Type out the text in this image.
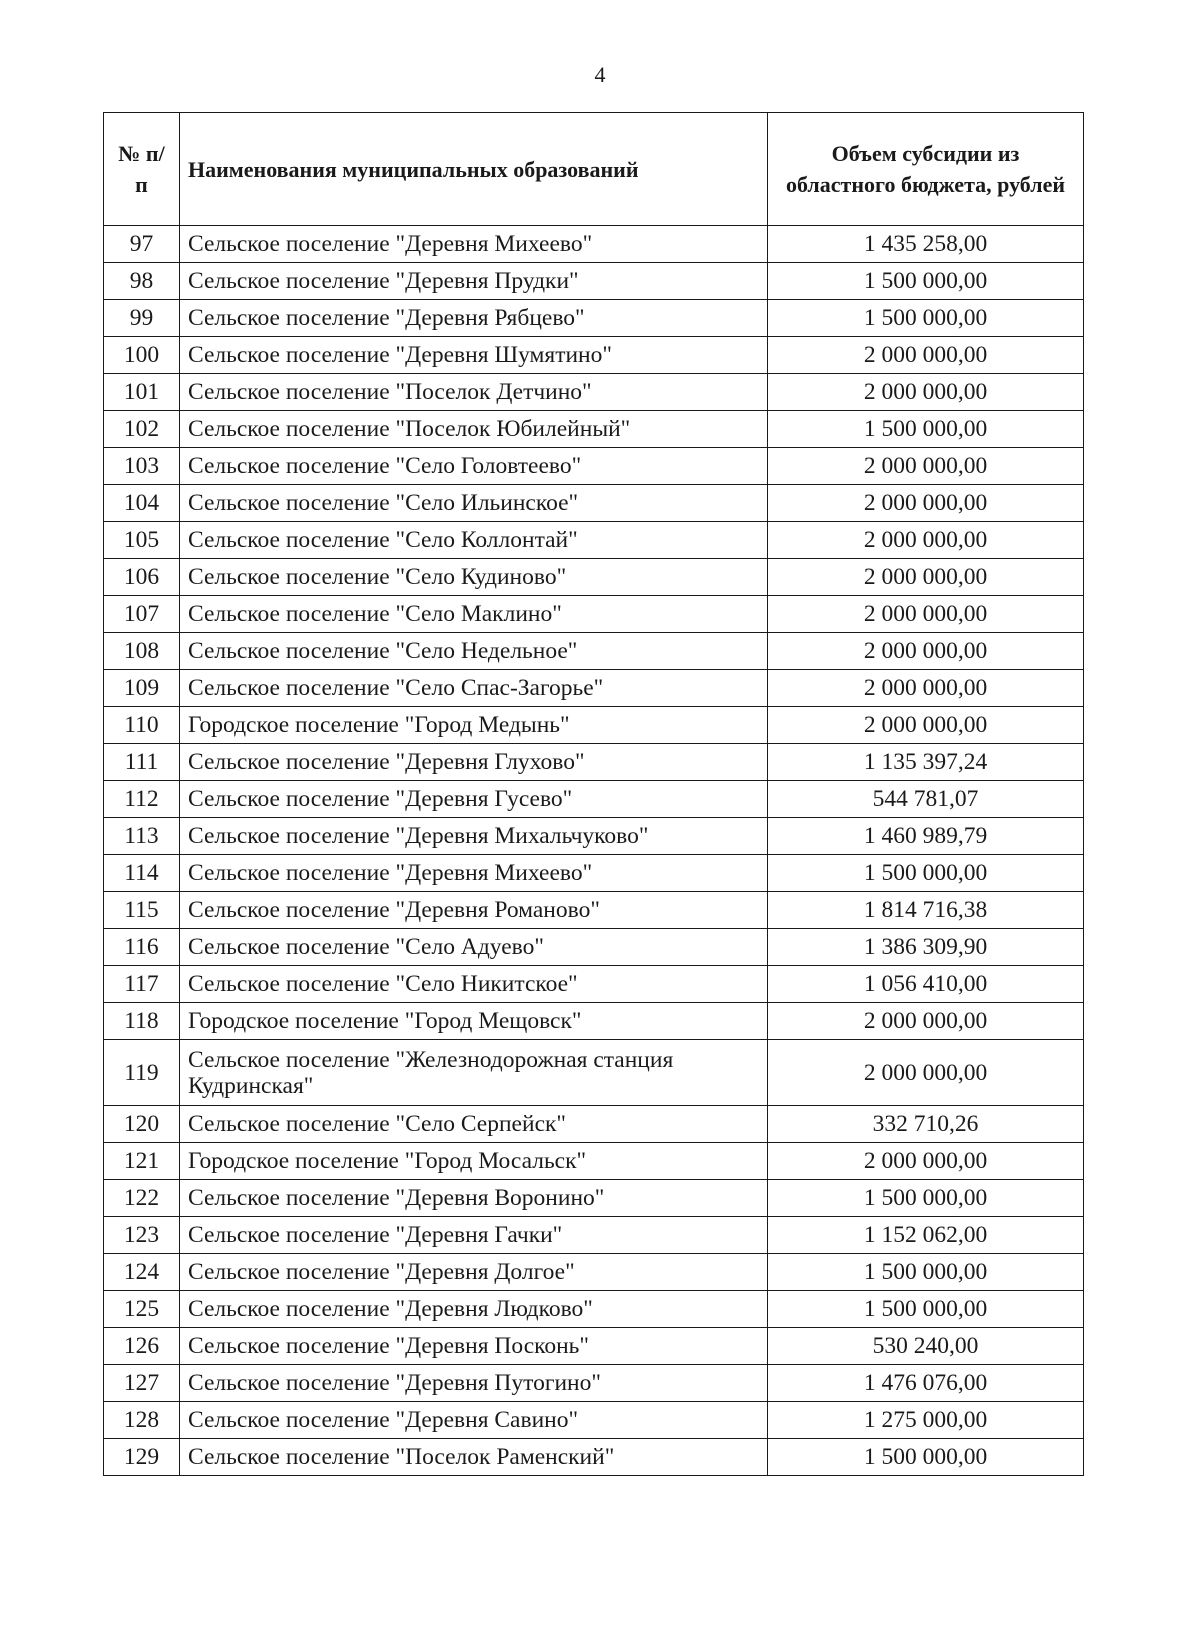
4
№ п/п	Наименования муниципальных образований	Объем субсидии из областного бюджета, рублей
97	Сельское поселение "Деревня Михеево"	1 435 258,00
98	Сельское поселение "Деревня Прудки"	1 500 000,00
99	Сельское поселение "Деревня Рябцево"	1 500 000,00
100	Сельское поселение "Деревня Шумятино"	2 000 000,00
101	Сельское поселение "Поселок Детчино"	2 000 000,00
102	Сельское поселение "Поселок Юбилейный"	1 500 000,00
103	Сельское поселение "Село Головтеево"	2 000 000,00
104	Сельское поселение "Село Ильинское"	2 000 000,00
105	Сельское поселение "Село Коллонтай"	2 000 000,00
106	Сельское поселение "Село Кудиново"	2 000 000,00
107	Сельское поселение "Село Маклино"	2 000 000,00
108	Сельское поселение "Село Недельное"	2 000 000,00
109	Сельское поселение "Село Спас-Загорье"	2 000 000,00
110	Городское поселение "Город Медынь"	2 000 000,00
111	Сельское поселение "Деревня Глухово"	1 135 397,24
112	Сельское поселение "Деревня Гусево"	544 781,07
113	Сельское поселение "Деревня Михальчуково"	1 460 989,79
114	Сельское поселение "Деревня Михеево"	1 500 000,00
115	Сельское поселение "Деревня Романово"	1 814 716,38
116	Сельское поселение "Село Адуево"	1 386 309,90
117	Сельское поселение "Село Никитское"	1 056 410,00
118	Городское поселение "Город Мещовск"	2 000 000,00
119	Сельское поселение "Железнодорожная станция Кудринская"	2 000 000,00
120	Сельское поселение "Село Серпейск"	332 710,26
121	Городское поселение "Город Мосальск"	2 000 000,00
122	Сельское поселение "Деревня Воронино"	1 500 000,00
123	Сельское поселение "Деревня Гачки"	1 152 062,00
124	Сельское поселение "Деревня Долгое"	1 500 000,00
125	Сельское поселение "Деревня Людково"	1 500 000,00
126	Сельское поселение "Деревня Посконь"	530 240,00
127	Сельское поселение "Деревня Путогино"	1 476 076,00
128	Сельское поселение "Деревня Савино"	1 275 000,00
129	Сельское поселение "Поселок Раменский"	1 500 000,00
